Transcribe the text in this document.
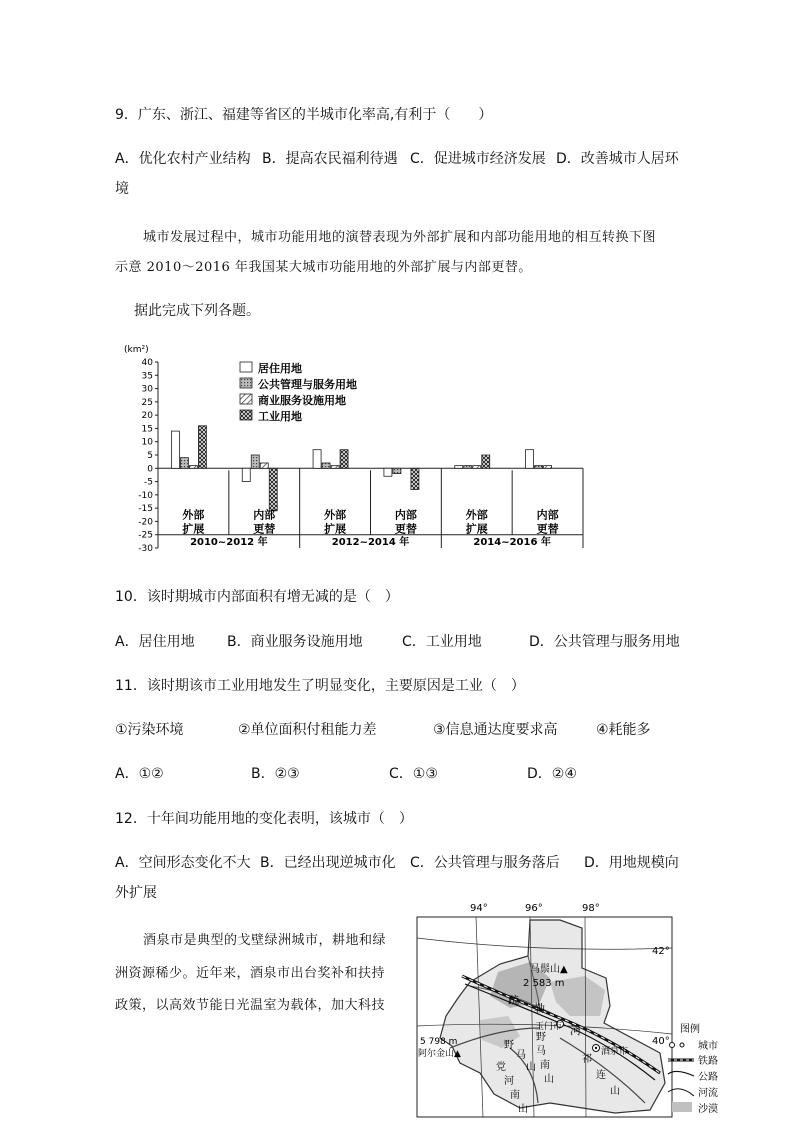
9．广东、浙江、福建等省区的半城市化率高,有利于（　　）
A．优化农村产业结构 B．提高农民福利待遇 C．促进城市经济发展 D．改善城市人居环
境
城市发展过程中，城市功能用地的演替表现为外部扩展和内部功能用地的相互转换下图
示意 2010～2016 年我国某大城市功能用地的外部扩展与内部更替。
据此完成下列各题。
(km²)
40
35
30
25
20
15
10
5
0
-5
-10
-15
-20
-25
-30
外部
扩展
内部
更替
外部
扩展
内部
更替
外部
扩展
内部
更替
2010~2012 年	2012~2014 年	2014~2016 年
居住用地
公共管理与服务用地
商业服务设施用地
工业用地
10．该时期城市内部面积有增无减的是（　）
A．居住用地 B．商业服务设施用地	C．工业用地	D．公共管理与服务用地
11．该时期该市工业用地发生了明显变化，主要原因是工业（　）
①污染环境	②单位面积付租能力差	③信息通达度要求高	④耗能多
A．①②	B．②③	C．①③	D．②④
12．十年间功能用地的变化表明，该城市（　）
A．空间形态变化不大 B．已经出现逆城市化 C．公共管理与服务落后 D．用地规模向
外扩展
酒泉市是典型的戈壁绿洲城市，耕地和绿
洲资源稀少。近年来，酒泉市出台奖补和扶持
政策，以高效节能日光温室为载体，加大科技
94°	96°	98°
42°
40°
马鬃山▲
2 583 m
5 798 m
阿尔金山▲
疏
勒
玉门市 河
酒泉市
野
马
山
野
马
南
山
党
河
南
山
祁
连
山
图例
城市
铁路
公路
河流
沙漠
